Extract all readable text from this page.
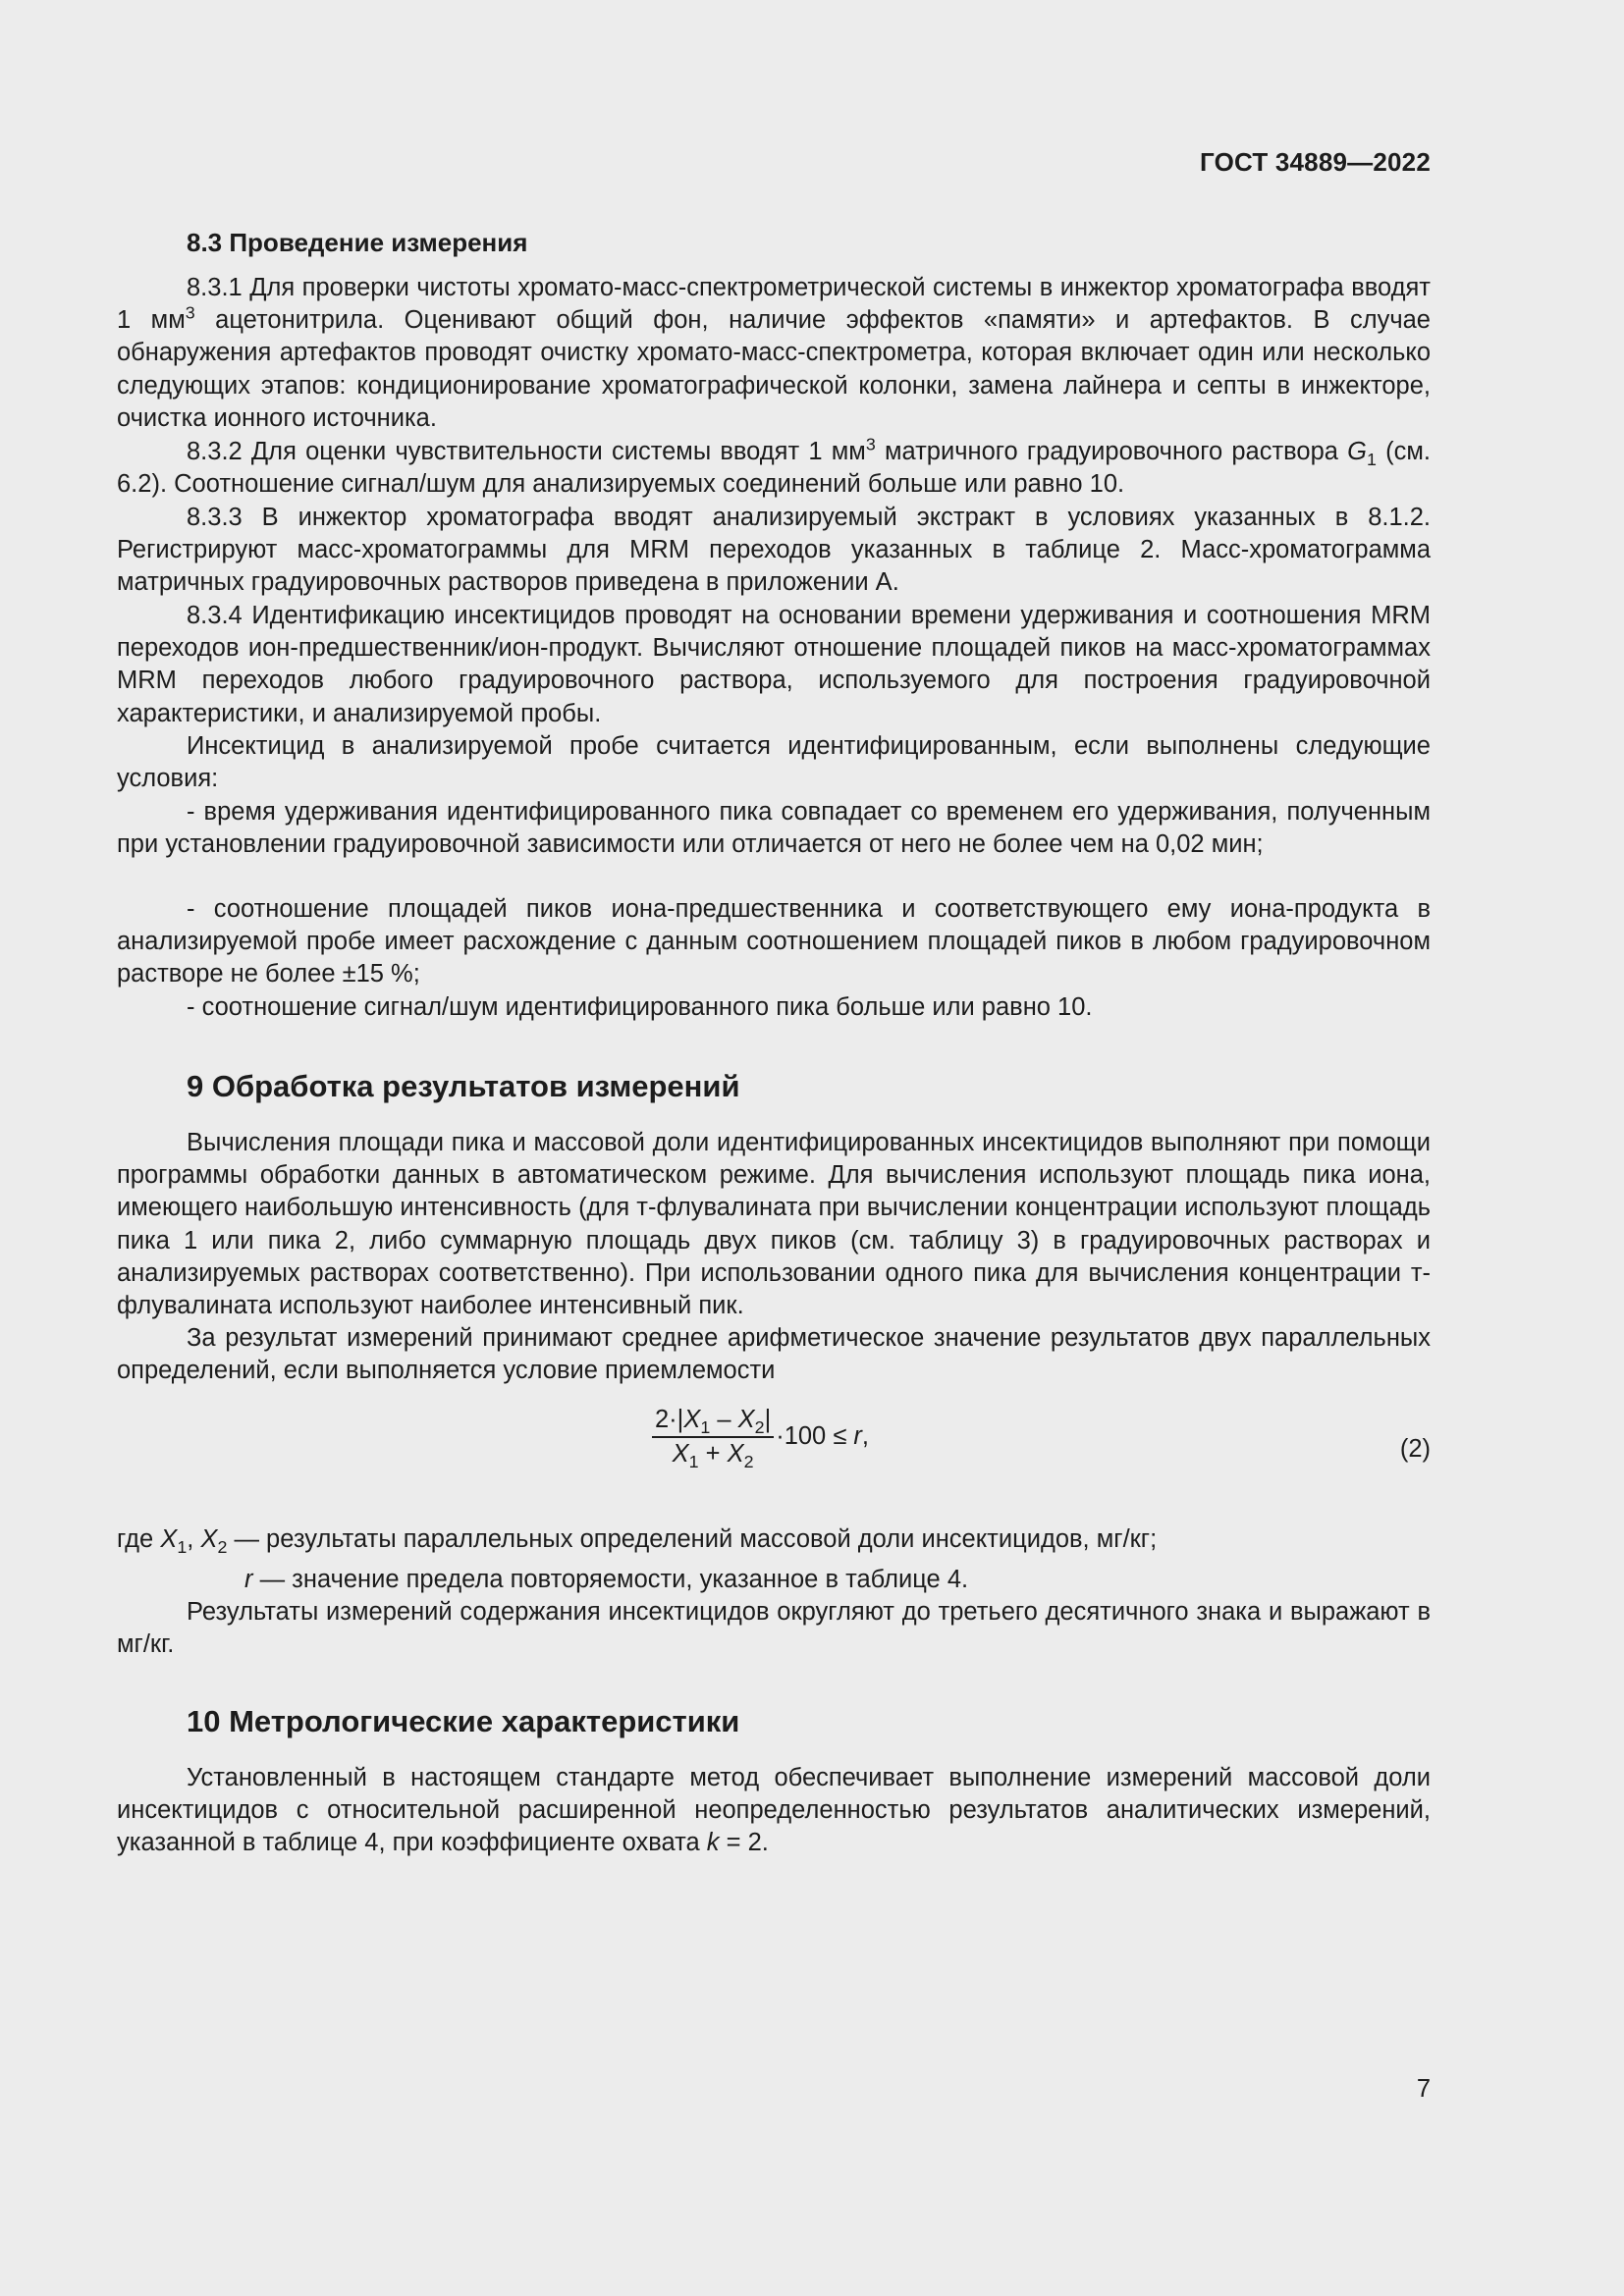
ГОСТ 34889—2022
8.3 Проведение измерения

8.3.1 Для проверки чистоты хромато-масс-спектрометрической системы в инжектор хроматографа вводят 1 $мм^3$ ацетонитрила. Оценивают общий фон, наличие эффектов «памяти» и артефактов. В случае обнаружения артефактов проводят очистку хромато-масс-спектрометра, которая включает один или несколько следующих этапов: кондиционирование хроматографической колонки, замена лайнера и септы в инжекторе, очистка ионного источника.

8.3.2 Для оценки чувствительности системы вводят 1 $мм^3$ матричного градуировочного раствора $G_1$ (см. 6.2). Соотношение сигнал/шум для анализируемых соединений больше или равно 10.

8.3.3 В инжектор хроматографа вводят анализируемый экстракт в условиях указанных в 8.1.2. Регистрируют масс-хроматограммы для MRM переходов указанных в таблице 2. Масс-хроматограмма матричных градуировочных растворов приведена в приложении А.

8.3.4 Идентификацию инсектицидов проводят на основании времени удерживания и соотношения MRM переходов ион-предшественник/ион-продукт. Вычисляют отношение площадей пиков на масс-хроматограммах MRM переходов любого градуировочного раствора, используемого для построения градуировочной характеристики, и анализируемой пробы.

Инсектицид в анализируемой пробе считается идентифицированным, если выполнены следующие условия:

- время удерживания идентифицированного пика совпадает со временем его удерживания, полученным при установлении градуировочной зависимости или отличается от него не более чем на 0,02 мин;

- соотношение площадей пиков иона-предшественника и соответствующего ему иона-продукта в анализируемой пробе имеет расхождение с данным соотношением площадей пиков в любом градуировочном растворе не более ±15 %;

- соотношение сигнал/шум идентифицированного пика больше или равно 10.

9 Обработка результатов измерений

Вычисления площади пика и массовой доли идентифицированных инсектицидов выполняют при помощи программы обработки данных в автоматическом режиме. Для вычисления используют площадь пика иона, имеющего наибольшую интенсивность (для т-флувалината при вычислении концентрации используют площадь пика 1 или пика 2, либо суммарную площадь двух пиков (см. таблицу 3) в градуировочных растворах и анализируемых растворах соответственно). При использовании одного пика для вычисления концентрации т-флувалината используют наиболее интенсивный пик.

За результат измерений принимают среднее арифметическое значение результатов двух параллельных определений, если выполняется условие приемлемости

$\frac{2\cdot|X_1 - X_2|}{X_1 + X_2} \cdot 100 \le r$,	(2)
где $X_1$, $X_2$ — результаты параллельных определений массовой доли инсектицидов, мг/кг;
r — значение предела повторяемости, указанное в таблице 4.

Результаты измерений содержания инсектицидов округляют до третьего десятичного знака и выражают в мг/кг.

10 Метрологические характеристики

Установленный в настоящем стандарте метод обеспечивает выполнение измерений массовой доли инсектицидов с относительной расширенной неопределенностью результатов аналитических измерений, указанной в таблице 4, при коэффициенте охвата k = 2.

7
